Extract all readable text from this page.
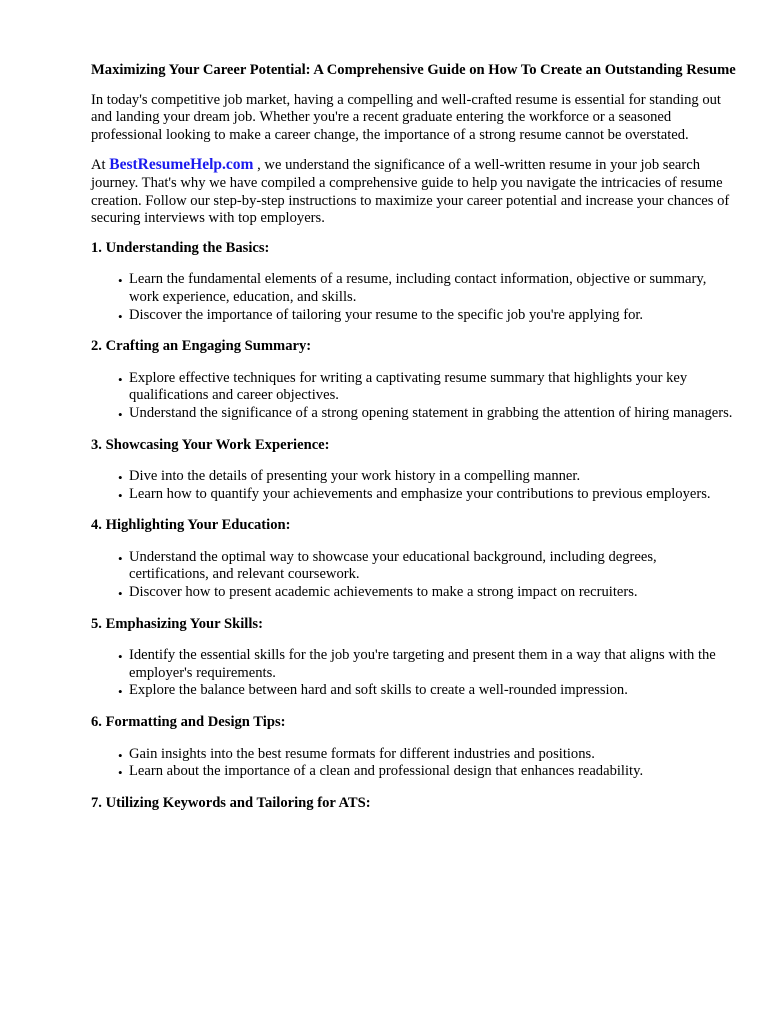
Maximizing Your Career Potential: A Comprehensive Guide on How To Create an Outstanding Resume

In today's competitive job market, having a compelling and well-crafted resume is essential for standing out and landing your dream job. Whether you're a recent graduate entering the workforce or a seasoned professional looking to make a career change, the importance of a strong resume cannot be overstated.

At BestResumeHelp.com , we understand the significance of a well-written resume in your job search journey. That's why we have compiled a comprehensive guide to help you navigate the intricacies of resume creation. Follow our step-by-step instructions to maximize your career potential and increase your chances of securing interviews with top employers.

1. Understanding the Basics:

• Learn the fundamental elements of a resume, including contact information, objective or summary, work experience, education, and skills.
• Discover the importance of tailoring your resume to the specific job you're applying for.

2. Crafting an Engaging Summary:

• Explore effective techniques for writing a captivating resume summary that highlights your key qualifications and career objectives.
• Understand the significance of a strong opening statement in grabbing the attention of hiring managers.

3. Showcasing Your Work Experience:

• Dive into the details of presenting your work history in a compelling manner.
• Learn how to quantify your achievements and emphasize your contributions to previous employers.

4. Highlighting Your Education:

• Understand the optimal way to showcase your educational background, including degrees, certifications, and relevant coursework.
• Discover how to present academic achievements to make a strong impact on recruiters.

5. Emphasizing Your Skills:

• Identify the essential skills for the job you're targeting and present them in a way that aligns with the employer's requirements.
• Explore the balance between hard and soft skills to create a well-rounded impression.

6. Formatting and Design Tips:

• Gain insights into the best resume formats for different industries and positions.
• Learn about the importance of a clean and professional design that enhances readability.

7. Utilizing Keywords and Tailoring for ATS:
